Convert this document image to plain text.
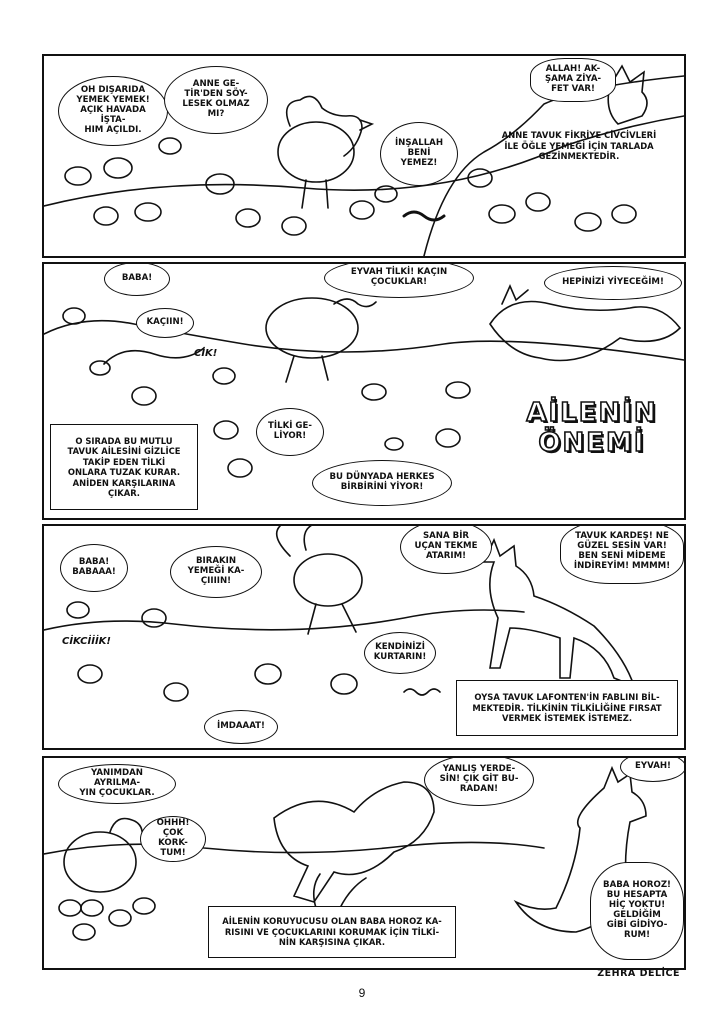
OH DIŞARIDA
YEMEK YEMEK!
AÇIK HAVADA İŞTA-
HIM AÇILDI.
ANNE GE-
TİR'DEN SÖY-
LESEK OLMAZ
MI?
İNŞALLAH
BENİ
YEMEZ!
ALLAH! AK-
ŞAMA ZİYA-
FET VAR!
ANNE TAVUK FİKRİYE CİVCİVLERİ
İLE ÖĞLE YEMEĞİ İÇİN TARLADA
GEZİNMEKTEDİR.
BABA!
KAÇIIN!
CİK!
EYVAH TİLKİ! KAÇIN
ÇOCUKLAR!	HEPİNİZİ YİYECEĞİM!
AİLENİN
ÖNEMİ
TİLKİ GE-
LİYOR!
BU DÜNYADA HERKES
BİRBİRİNİ YİYOR!
O SIRADA BU MUTLU
TAVUK AİLESİNİ GİZLİCE
TAKİP EDEN TİLKİ
ONLARA TUZAK KURAR.
ANİDEN KARŞILARINA
ÇIKAR.
BABA!
BABAAA!
BIRAKIN
YEMEĞİ KA-
ÇIIIIN!
SANA BİR
UÇAN TEKME
ATARIM!
TAVUK KARDEŞ! NE
GÜZEL SESİN VAR!
BEN SENİ MİDEME
İNDİREYİM! MMMM!
CİKCİİİK!
KENDİNİZİ
KURTARIN!
İMDAAAT!
OYSA TAVUK LAFONTEN'İN FABLINI BİL-
MEKTEDİR. TİLKİNİN TİLKİLİĞİNE FIRSAT
VERMEK İSTEMEK İSTEMEZ.
YANIMDAN AYRILMA-
YIN ÇOCUKLAR.
OHHH!
ÇOK KORK-
TUM!
YANLIŞ YERDE-
SİN! ÇIK GİT BU-
RADAN!
EYVAH!
BABA HOROZ!
BU HESAPTA
HİÇ YOKTU!
GELDİĞİM
GİBİ GİDİYO-
RUM!
AİLENİN KORUYUCUSU OLAN BABA HOROZ KA-
RISINI VE ÇOCUKLARINI KORUMAK İÇİN TİLKİ-
NİN KARŞISINA ÇIKAR.
ZEHRA DELİCE
9
